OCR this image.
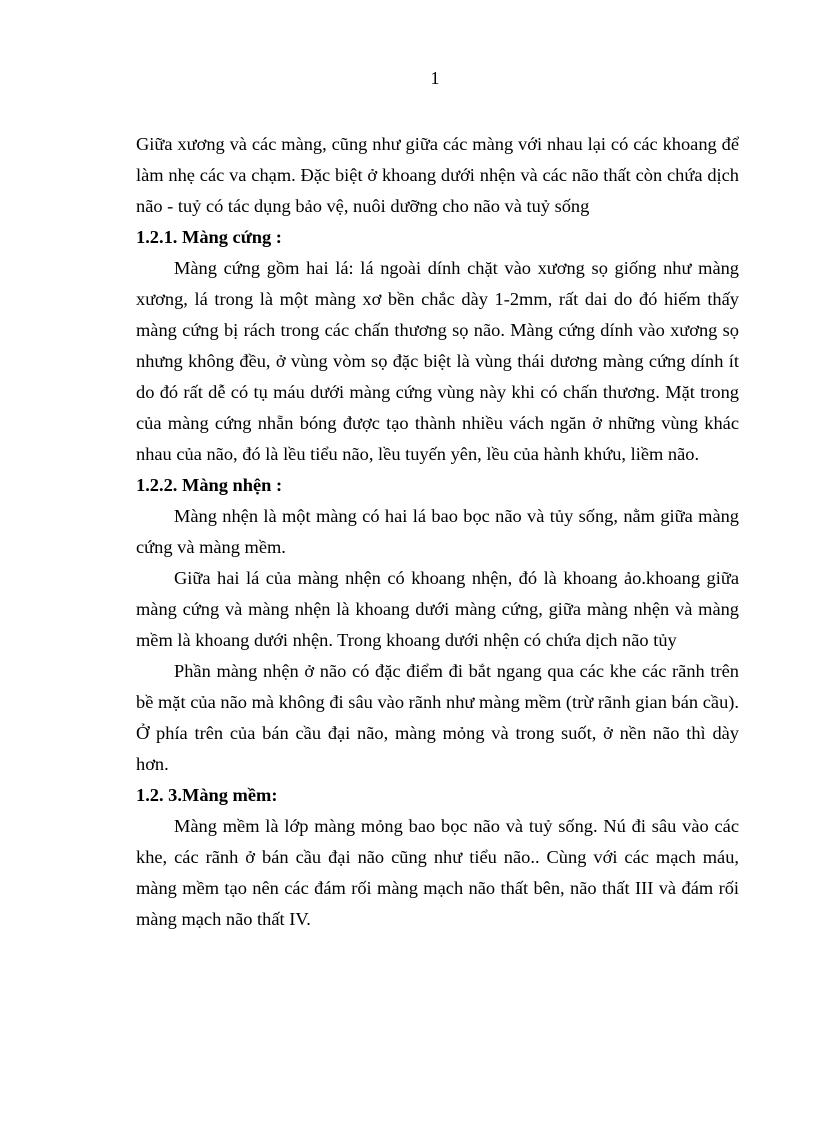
1

Giữa xương và các màng, cũng như giữa các màng với nhau lại có các khoang để làm nhẹ các va chạm. Đặc biệt ở khoang dưới nhện và các não thất còn chứa dịch não - tuỷ có tác dụng bảo vệ, nuôi dưỡng cho não và tuỷ sống

1.2.1. Màng cứng :

Màng cứng gồm hai lá: lá ngoài dính chặt vào xương sọ giống như màng xương, lá trong là một màng xơ bền chắc dày 1-2mm, rất dai do đó hiếm thấy màng cứng bị rách trong các chấn thương sọ não. Màng cứng dính vào xương sọ nhưng không đều, ở vùng vòm sọ đặc biệt là vùng thái dương màng cứng dính ít do đó rất dễ có tụ máu dưới màng cứng vùng này khi có chấn thương. Mặt trong của màng cứng nhẵn bóng được tạo thành nhiều vách ngăn ở những vùng khác nhau của não, đó là lều tiểu não, lều tuyến yên, lều của hành khứu, liềm não.

1.2.2. Màng nhện :

Màng nhện là một màng có hai lá bao bọc não và tủy sống, nằm giữa màng cứng và màng mềm.

Giữa hai lá của màng nhện có khoang nhện, đó là khoang ảo.khoang giữa màng cứng và màng nhện là khoang dưới màng cứng, giữa màng nhện và màng mềm là khoang dưới nhện. Trong khoang dưới nhện có chứa dịch não tủy

Phần màng nhện ở não có đặc điểm đi bắt ngang qua các khe các rãnh trên bề mặt của não mà không đi sâu vào rãnh như màng mềm (trừ rãnh gian bán cầu). Ở phía trên của bán cầu đại não, màng mỏng và trong suốt, ở nền não thì dày hơn.

1.2. 3.Màng mềm:

Màng mềm là lớp màng mỏng bao bọc não và tuỷ sống. Nú đi sâu vào các khe, các rãnh ở bán cầu đại não cũng như tiểu não.. Cùng với các mạch máu, màng mềm tạo nên các đám rối màng mạch não thất bên, não thất III và đám rối màng mạch não thất IV.
